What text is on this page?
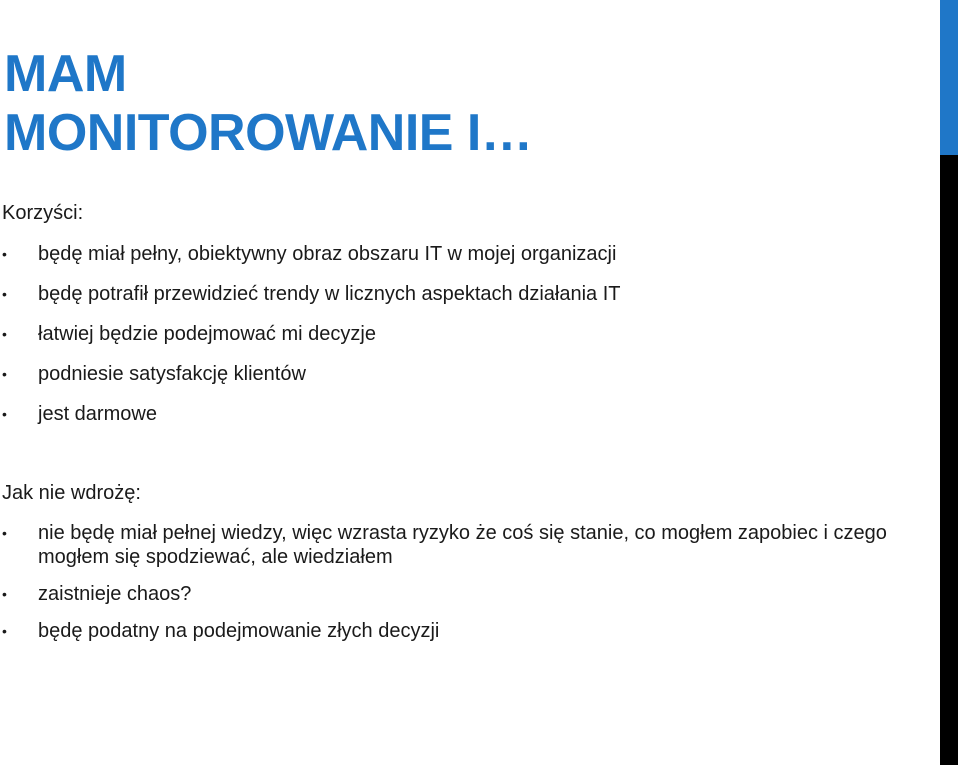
MAM
MONITOROWANIE I…

Korzyści:

• będę miał pełny, obiektywny obraz obszaru IT w mojej organizacji
• będę potrafił przewidzieć trendy w licznych aspektach działania IT
• łatwiej będzie podejmować mi decyzje
• podniesie satysfakcję klientów
• jest darmowe

Jak nie wdrożę:

• nie będę miał pełnej wiedzy, więc wzrasta ryzyko że coś się stanie, co mogłem zapobiec i czego mogłem się spodziewać, ale wiedziałem
• zaistnieje chaos?
• będę podatny na podejmowanie złych decyzji
